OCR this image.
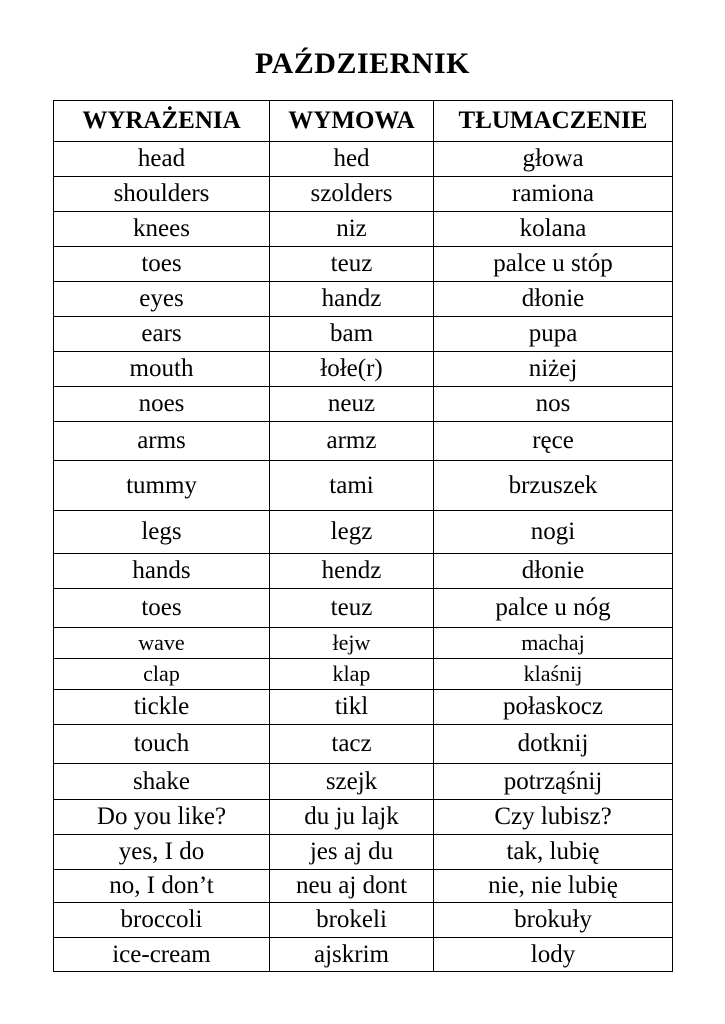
PAŹDZIERNIK
WYRAŻENIA	WYMOWA	TŁUMACZENIE
head	hed	głowa
shoulders	szolders	ramiona
knees	niz	kolana
toes	teuz	palce u stóp
eyes	handz	dłonie
ears	bam	pupa
mouth	łołe(r)	niżej
noes	neuz	nos
arms	armz	ręce
tummy	tami	brzuszek
legs	legz	nogi
hands	hendz	dłonie
toes	teuz	palce u nóg
wave	łejw	machaj
clap	klap	klaśnij
tickle	tikl	połaskocz
touch	tacz	dotknij
shake	szejk	potrząśnij
Do you like?	du ju lajk	Czy lubisz?
yes, I do	jes aj du	tak, lubię
no, I don’t	neu aj dont	nie, nie lubię
broccoli	brokeli	brokuły
ice-cream	ajskrim	lody
